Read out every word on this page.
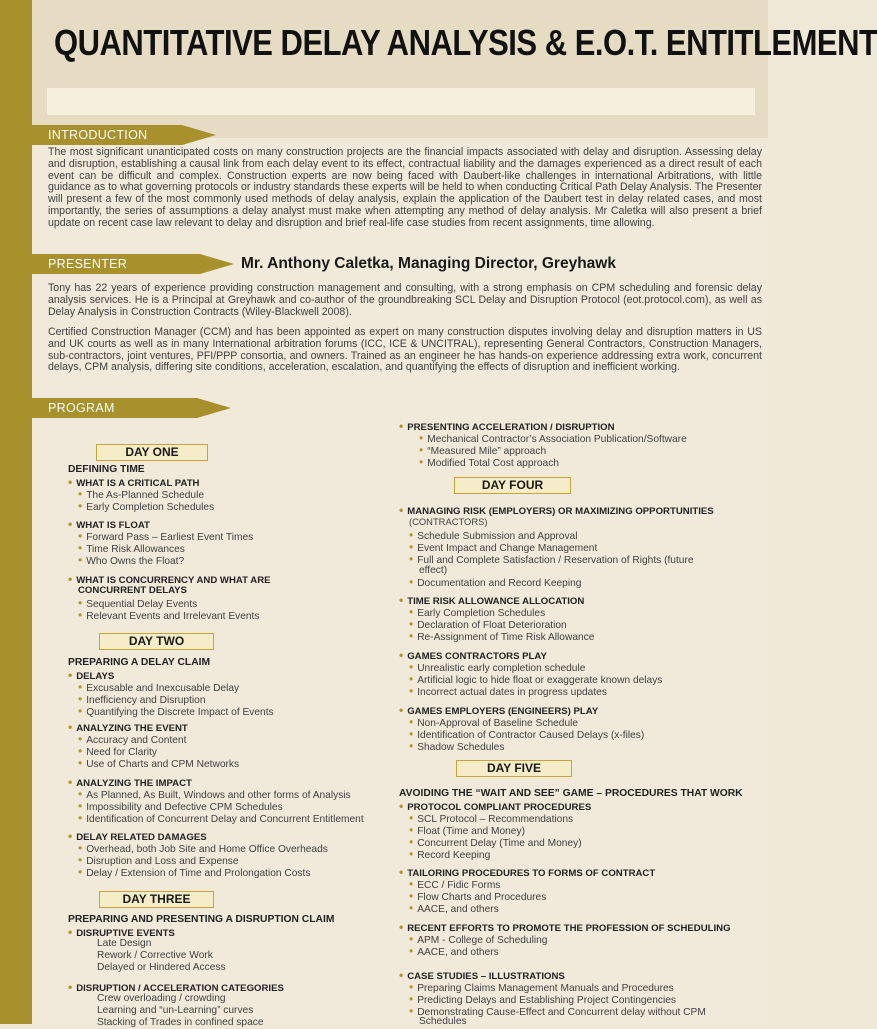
QUANTITATIVE DELAY ANALYSIS & E.O.T. ENTITLEMENT
INTRODUCTION
The most significant unanticipated costs on many construction projects are the financial impacts associated with delay and disruption. Assessing delay and disruption, establishing a causal link from each delay event to its effect, contractual liability and the damages experienced as a direct result of each event can be difficult and complex. Construction experts are now being faced with Daubert-like challenges in international Arbitrations, with little guidance as to what governing protocols or industry standards these experts will be held to when conducting Critical Path Delay Analysis. The Presenter will present a few of the most commonly used methods of delay analysis, explain the application of the Daubert test in delay related cases, and most importantly, the series of assumptions a delay analyst must make when attempting any method of delay analysis. Mr Caletka will also present a brief update on recent case law relevant to delay and disruption and brief real-life case studies from recent assignments, time allowing.
PRESENTER	Mr. Anthony Caletka, Managing Director, Greyhawk
Tony has 22 years of experience providing construction management and consulting, with a strong emphasis on CPM scheduling and forensic delay analysis services. He is a Principal at Greyhawk and co-author of the groundbreaking SCL Delay and Disruption Protocol (eot.protocol.com), as well as Delay Analysis in Construction Contracts (Wiley-Blackwell 2008).
Certified Construction Manager (CCM) and has been appointed as expert on many construction disputes involving delay and disruption matters in US and UK courts as well as in many International arbitration forums (ICC, ICE & UNCITRAL), representing General Contractors, Construction Managers, sub-contractors, joint ventures, PFI/PPP consortia, and owners. Trained as an engineer he has hands-on experience addressing extra work, concurrent delays, CPM analysis, differing site conditions, acceleration, escalation, and quantifying the effects of disruption and inefficient working.
PROGRAM
DAY ONE
DAY TWO
DAY THREE
DAY FOUR
DAY FIVE
DEFINING TIME
• WHAT IS A CRITICAL PATH
• The As-Planned Schedule
• Early Completion Schedules
• WHAT IS FLOAT
• Forward Pass – Earliest Event Times
• Time Risk Allowances
• Who Owns the Float?
• WHAT IS CONCURRENCY AND WHAT ARE
CONCURRENT DELAYS
• Sequential Delay Events
• Relevant Events and Irrelevant Events
PREPARING A DELAY CLAIM
• DELAYS
• Excusable and Inexcusable Delay
• Inefficiency and Disruption
• Quantifying the Discrete Impact of Events
• ANALYZING THE EVENT
• Accuracy and Content
• Need for Clarity
• Use of Charts and CPM Networks
• ANALYZING THE IMPACT
• As Planned, As Built, Windows and other forms of Analysis
• Impossibility and Defective CPM Schedules
• Identification of Concurrent Delay and Concurrent Entitlement
• DELAY RELATED DAMAGES
• Overhead, both Job Site and Home Office Overheads
• Disruption and Loss and Expense
• Delay / Extension of Time and Prolongation Costs
PREPARING AND PRESENTING A DISRUPTION CLAIM
• DISRUPTIVE EVENTS
Late Design
Rework / Corrective Work
Delayed or Hindered Access
• DISRUPTION / ACCELERATION CATEGORIES
Crew overloading / crowding
Learning and “un-Learning” curves
Stacking of Trades in confined space
• PRESENTING ACCELERATION / DISRUPTION
• Mechanical Contractor’s Association Publication/Software
• “Measured Mile” approach
• Modified Total Cost approach
• MANAGING RISK (EMPLOYERS) OR MAXIMIZING OPPORTUNITIES
(CONTRACTORS)
• Schedule Submission and Approval
• Event Impact and Change Management
• Full and Complete Satisfaction / Reservation of Rights (future
effect)
• Documentation and Record Keeping
• TIME RISK ALLOWANCE ALLOCATION
• Early Completion Schedules
• Declaration of Float Deterioration
• Re-Assignment of Time Risk Allowance
• GAMES CONTRACTORS PLAY
• Unrealistic early completion schedule
• Artificial logic to hide float or exaggerate known delays
• Incorrect actual dates in progress updates
• GAMES EMPLOYERS (ENGINEERS) PLAY
• Non-Approval of Baseline Schedule
• Identification of Contractor Caused Delays (x-files)
• Shadow Schedules
AVOIDING THE “WAIT AND SEE” GAME – PROCEDURES THAT WORK
• PROTOCOL COMPLIANT PROCEDURES
• SCL Protocol – Recommendations
• Float (Time and Money)
• Concurrent Delay (Time and Money)
• Record Keeping
• TAILORING PROCEDURES TO FORMS OF CONTRACT
• ECC / Fidic Forms
• Flow Charts and Procedures
• AACE, and others
• RECENT EFFORTS TO PROMOTE THE PROFESSION OF SCHEDULING
• APM - College of Scheduling
• AACE, and others
• CASE STUDIES – ILLUSTRATIONS
• Preparing Claims Management Manuals and Procedures
• Predicting Delays and Establishing Project Contingencies
• Demonstrating Cause-Effect and Concurrent delay without CPM
Schedules
